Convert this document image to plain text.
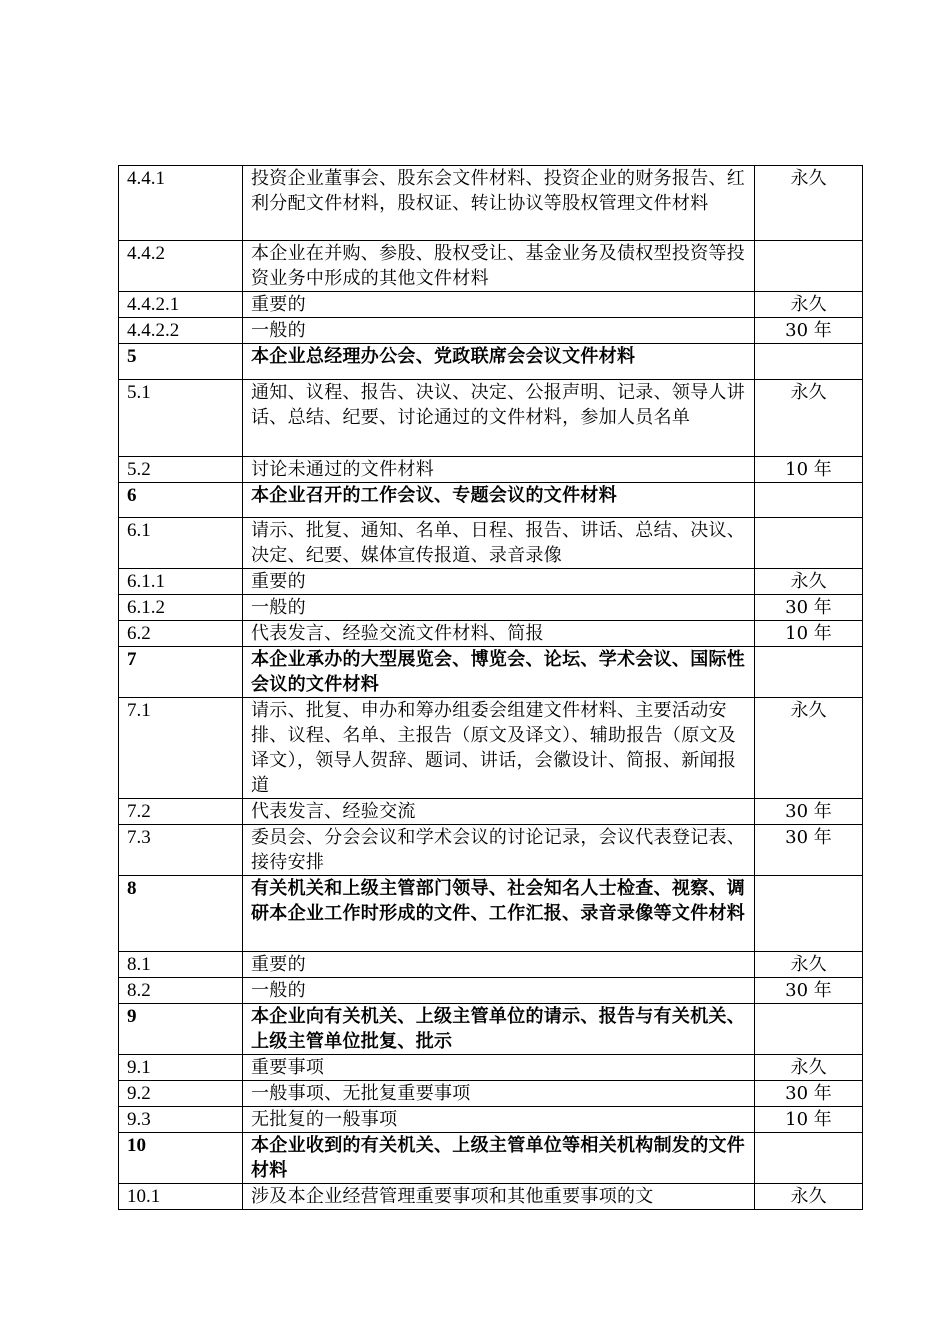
4.4.1	投资企业董事会、股东会文件材料、投资企业的财务报告、红利分配文件材料，股权证、转让协议等股权管理文件材料	永久
4.4.2	本企业在并购、参股、股权受让、基金业务及债权型投资等投资业务中形成的其他文件材料	

4.4.2.1	重要的	永久
4.4.2.2	一般的	30 年
5	本企业总经理办公会、党政联席会会议文件材料	

5.1	通知、议程、报告、决议、决定、公报声明、记录、领导人讲话、总结、纪要、讨论通过的文件材料，参加人员名单	永久
5.2	讨论未通过的文件材料	10 年
6	本企业召开的工作会议、专题会议的文件材料	

6.1	请示、批复、通知、名单、日程、报告、讲话、总结、决议、决定、纪要、媒体宣传报道、录音录像	

6.1.1	重要的	永久
6.1.2	一般的	30 年
6.2	代表发言、经验交流文件材料、简报	10 年
7	本企业承办的大型展览会、博览会、论坛、学术会议、国际性会议的文件材料	

7.1	请示、批复、申办和筹办组委会组建文件材料、主要活动安排、议程、名单、主报告（原文及译文）、辅助报告（原文及译文），领导人贺辞、题词、讲话，会徽设计、简报、新闻报道	永久
7.2	代表发言、经验交流	30 年
7.3	委员会、分会会议和学术会议的讨论记录，会议代表登记表、接待安排	30 年
8	有关机关和上级主管部门领导、社会知名人士检查、视察、调研本企业工作时形成的文件、工作汇报、录音录像等文件材料	

8.1	重要的	永久
8.2	一般的	30 年
9	本企业向有关机关、上级主管单位的请示、报告与有关机关、上级主管单位批复、批示	

9.1	重要事项	永久
9.2	一般事项、无批复重要事项	30 年
9.3	无批复的一般事项	10 年
10	本企业收到的有关机关、上级主管单位等相关机构制发的文件材料	

10.1	涉及本企业经营管理重要事项和其他重要事项的文	永久
